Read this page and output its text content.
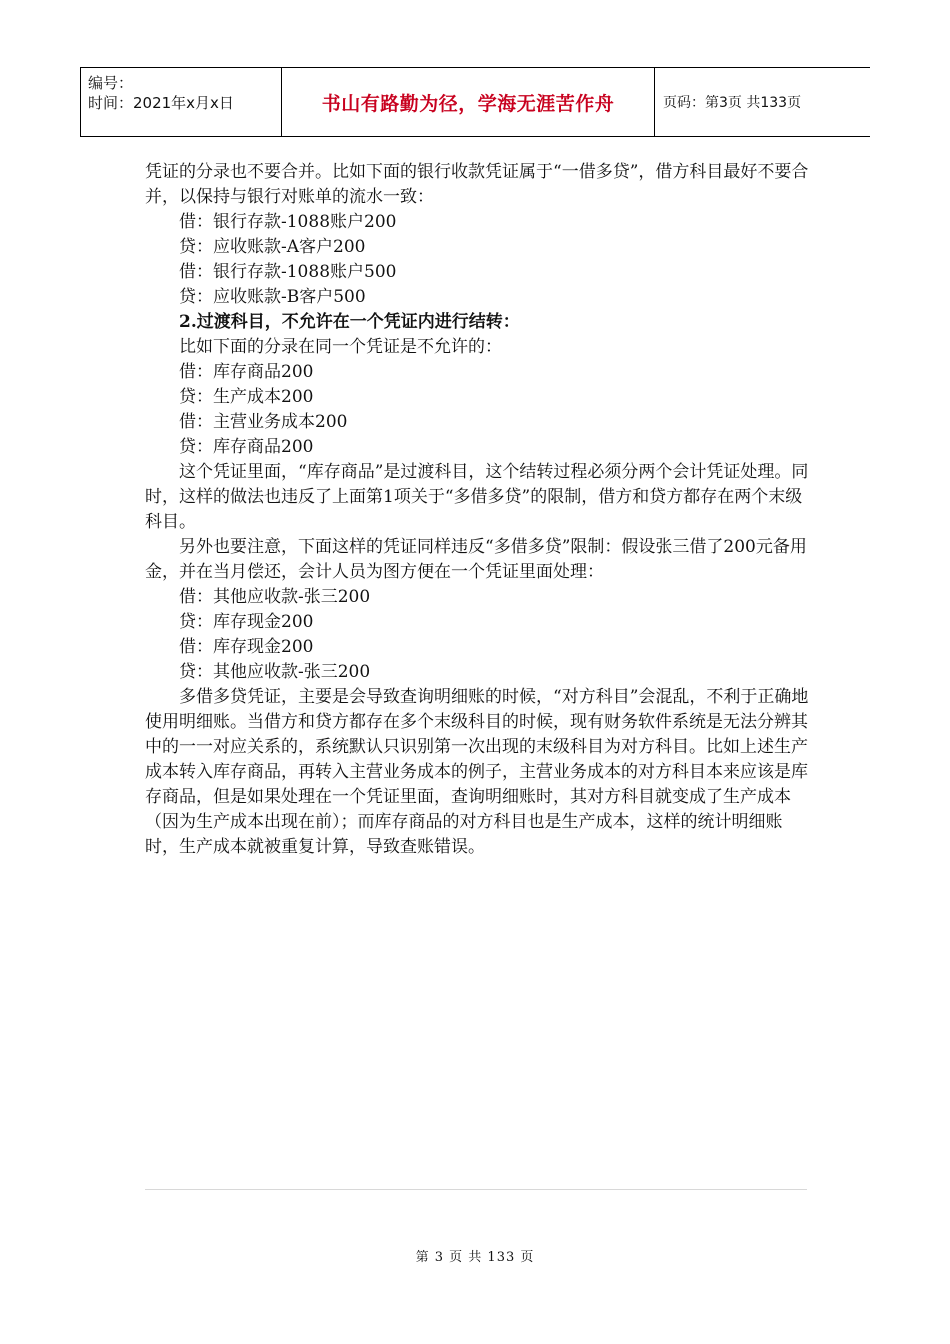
编号：
时间：2021年x月x日	书山有路勤为径，学海无涯苦作舟	页码：第3页 共133页

凭证的分录也不要合并。比如下面的银行收款凭证属于“一借多贷”，借方科目最好不要合并，以保持与银行对账单的流水一致：

借：银行存款-1088账户200

贷：应收账款-A客户200

借：银行存款-1088账户500

贷：应收账款-B客户500

2.过渡科目，不允许在一个凭证内进行结转：

比如下面的分录在同一个凭证是不允许的：

借：库存商品200

贷：生产成本200

借：主营业务成本200

贷：库存商品200

这个凭证里面，“库存商品”是过渡科目，这个结转过程必须分两个会计凭证处理。同时，这样的做法也违反了上面第1项关于“多借多贷”的限制，借方和贷方都存在两个末级科目。

另外也要注意，下面这样的凭证同样违反“多借多贷”限制：假设张三借了200元备用金，并在当月偿还，会计人员为图方便在一个凭证里面处理：

借：其他应收款-张三200

贷：库存现金200

借：库存现金200

贷：其他应收款-张三200

多借多贷凭证，主要是会导致查询明细账的时候，“对方科目”会混乱，不利于正确地使用明细账。当借方和贷方都存在多个末级科目的时候，现有财务软件系统是无法分辨其中的一一对应关系的，系统默认只识别第一次出现的末级科目为对方科目。比如上述生产成本转入库存商品，再转入主营业务成本的例子，主营业务成本的对方科目本来应该是库存商品，但是如果处理在一个凭证里面，查询明细账时，其对方科目就变成了生产成本（因为生产成本出现在前）；而库存商品的对方科目也是生产成本，这样的统计明细账时，生产成本就被重复计算，导致查账错误。

第 3 页 共 133 页
